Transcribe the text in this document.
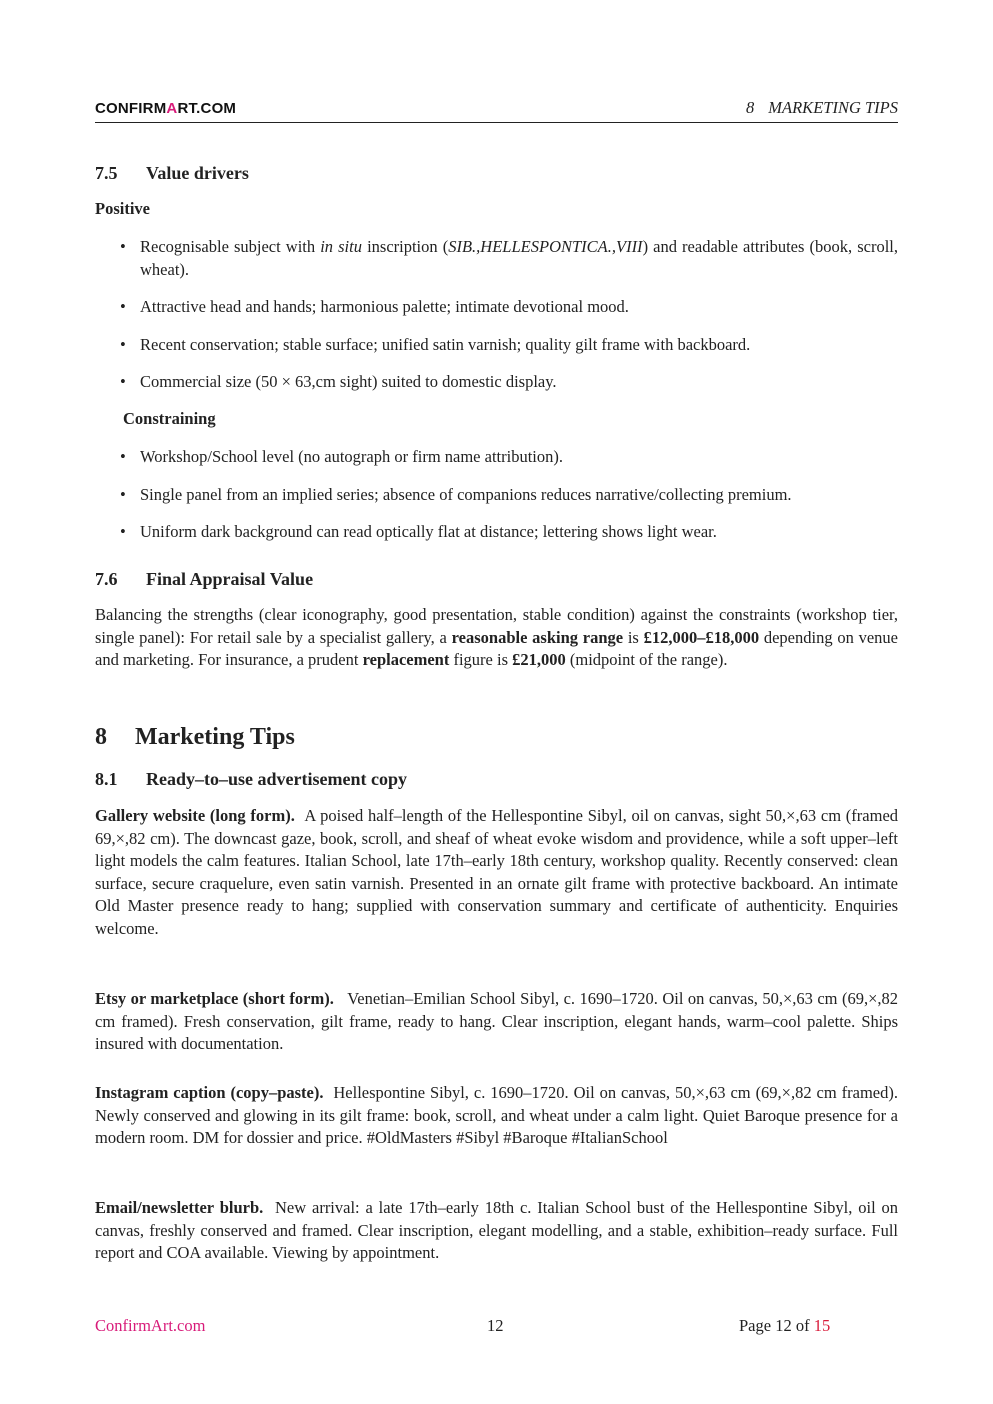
CONFIRMART.COM	8 MARKETING TIPS
7.5 Value drivers
Positive
• Recognisable subject with in situ inscription (SIB.,HELLESPONTICA.,VIII) and readable attributes (book, scroll, wheat).
• Attractive head and hands; harmonious palette; intimate devotional mood.
• Recent conservation; stable surface; unified satin varnish; quality gilt frame with backboard.
• Commercial size (50 × 63,cm sight) suited to domestic display.
Constraining
• Workshop/School level (no autograph or firm name attribution).
• Single panel from an implied series; absence of companions reduces narrative/collecting premium.
• Uniform dark background can read optically flat at distance; lettering shows light wear.
7.6 Final Appraisal Value

Balancing the strengths (clear iconography, good presentation, stable condition) against the constraints (workshop tier, single panel): For retail sale by a specialist gallery, a reasonable asking range is £12,000–£18,000 depending on venue and marketing. For insurance, a prudent replacement figure is £21,000 (midpoint of the range).

8 Marketing Tips
8.1 Ready–to–use advertisement copy

Gallery website (long form). A poised half–length of the Hellespontine Sibyl, oil on canvas, sight 50,×,63 cm (framed 69,×,82 cm). The downcast gaze, book, scroll, and sheaf of wheat evoke wisdom and providence, while a soft upper–left light models the calm features. Italian School, late 17th–early 18th century, workshop quality. Recently conserved: clean surface, secure craquelure, even satin varnish. Presented in an ornate gilt frame with protective backboard. An intimate Old Master presence ready to hang; supplied with conservation summary and certificate of authenticity. Enquiries welcome.

Etsy or marketplace (short form). Venetian–Emilian School Sibyl, c. 1690–1720. Oil on canvas, 50,×,63 cm (69,×,82 cm framed). Fresh conservation, gilt frame, ready to hang. Clear inscription, elegant hands, warm–cool palette. Ships insured with documentation.

Instagram caption (copy–paste). Hellespontine Sibyl, c. 1690–1720. Oil on canvas, 50,×,63 cm (69,×,82 cm framed). Newly conserved and glowing in its gilt frame: book, scroll, and wheat under a calm light. Quiet Baroque presence for a modern room. DM for dossier and price. #OldMasters #Sibyl #Baroque #ItalianSchool

Email/newsletter blurb. New arrival: a late 17th–early 18th c. Italian School bust of the Hellespontine Sibyl, oil on canvas, freshly conserved and framed. Clear inscription, elegant modelling, and a stable, exhibition–ready surface. Full report and COA available. Viewing by appointment.

ConfirmArt.com	12	Page 12 of 15
